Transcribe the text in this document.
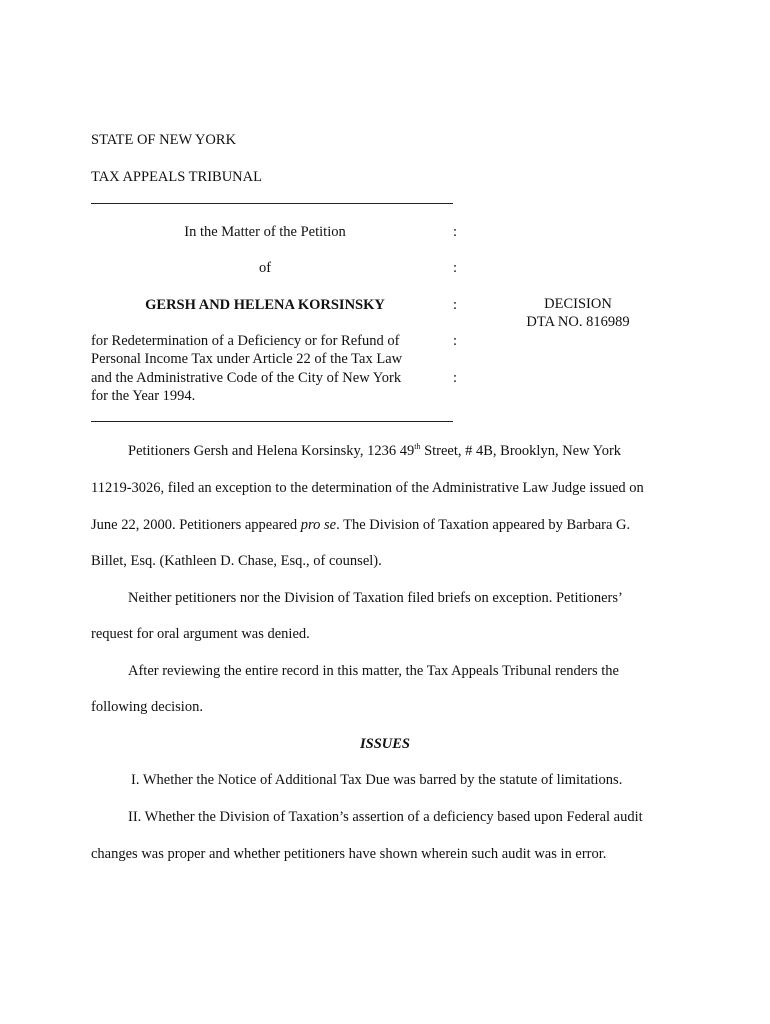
STATE OF NEW YORK
TAX APPEALS TRIBUNAL
In the Matter of the Petition	:
of	:
GERSH AND HELENA KORSINSKY	:	DECISION
DTA NO. 816989
for Redetermination of a Deficiency or for Refund of	:
Personal Income Tax under Article 22 of the Tax Law
and the Administrative Code of the City of New York	:
for the Year 1994.
Petitioners Gersh and Helena Korsinsky, 1236 49th Street, # 4B, Brooklyn, New York
11219-3026, filed an exception to the determination of the Administrative Law Judge issued on
June 22, 2000. Petitioners appeared pro se. The Division of Taxation appeared by Barbara G.
Billet, Esq. (Kathleen D. Chase, Esq., of counsel).
Neither petitioners nor the Division of Taxation filed briefs on exception. Petitioners’
request for oral argument was denied.
After reviewing the entire record in this matter, the Tax Appeals Tribunal renders the
following decision.
ISSUES
I. Whether the Notice of Additional Tax Due was barred by the statute of limitations.
II. Whether the Division of Taxation’s assertion of a deficiency based upon Federal audit
changes was proper and whether petitioners have shown wherein such audit was in error.
